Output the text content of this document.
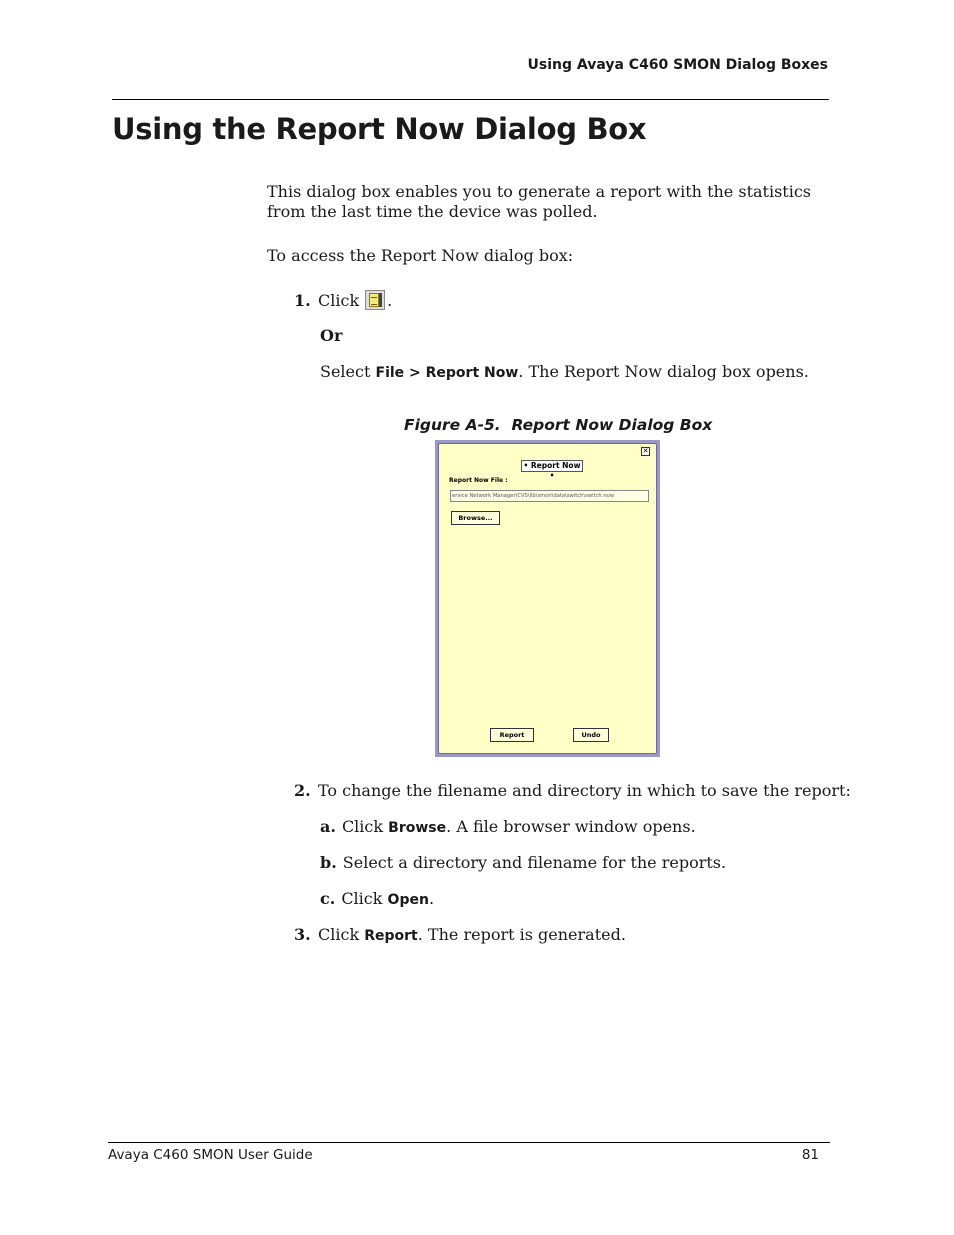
Using Avaya C460 SMON Dialog Boxes
Using the Report Now Dialog Box
This dialog box enables you to generate a report with the statistics from the last time the device was polled.
To access the Report Now dialog box:
1. Click .
Or
Select File > Report Now. The Report Now dialog box opens.
Figure A-5.  Report Now Dialog Box
✕
• Report Now •
Report Now File :
ervice Network Manager\CVS\lib\smon\data\switch\switch.now
Browse...
Report	Undo
2. To change the filename and directory in which to save the report:
a. Click Browse. A file browser window opens.
b. Select a directory and filename for the reports.
c. Click Open.
3. Click Report. The report is generated.
Avaya C460 SMON User Guide	81
